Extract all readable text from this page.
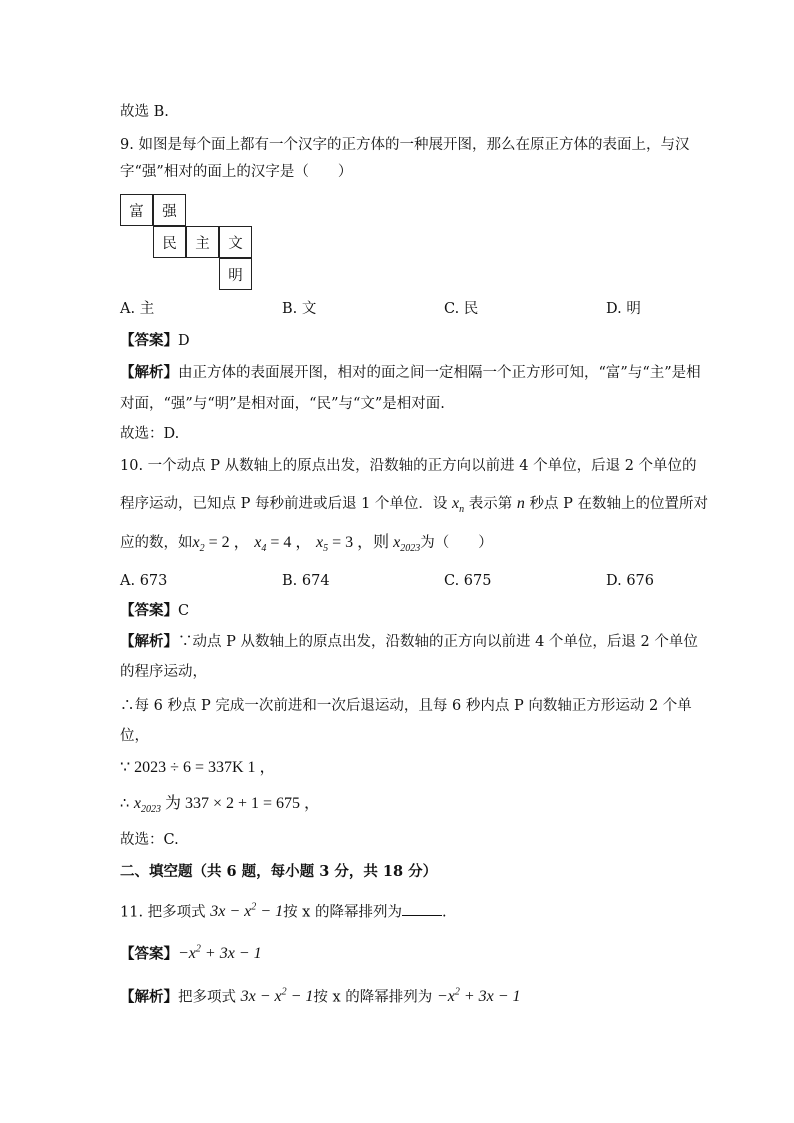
故选 B.
9. 如图是每个面上都有一个汉字的正方体的一种展开图，那么在原正方体的表面上，与汉
字“强”相对的面上的汉字是（　　）
富	强
民	主	文
明
A. 主	B. 文	C. 民	D. 明
【答案】D
【解析】由正方体的表面展开图，相对的面之间一定相隔一个正方形可知，“富”与“主”是相
对面，“强”与“明”是相对面，“民”与“文”是相对面.
故选：D.
10. 一个动点 P 从数轴上的原点出发，沿数轴的正方向以前进 4 个单位，后退 2 个单位的
程序运动，已知点 P 每秒前进或后退 1 个单位．设 $x_n$ 表示第 n 秒点 P 在数轴上的位置所对
应的数，如$x_2 = 2$ ， $x_4 = 4$ ， $x_5 = 3$ ，则 $x_{2023}$为（　　）
A. 673	B. 674	C. 675	D. 676
【答案】C
【解析】∵动点 P 从数轴上的原点出发，沿数轴的正方向以前进 4 个单位，后退 2 个单位
的程序运动，
∴每 6 秒点 P 完成一次前进和一次后退运动，且每 6 秒内点 P 向数轴正方形运动 2 个单
位，
∵ 2023 ÷ 6 = 337K 1 ，
∴ $x_{2023}$ 为 337 × 2 + 1 = 675 ，
故选：C.
二、填空题（共 6 题，每小题 3 分，共 18 分）
11. 把多项式 $3x - x^2 - 1$按 x 的降幂排列为	.
【答案】$-x^2 + 3x - 1$
【解析】把多项式 $3x - x^2 - 1$按 x 的降幂排列为 $-x^2 + 3x - 1$
